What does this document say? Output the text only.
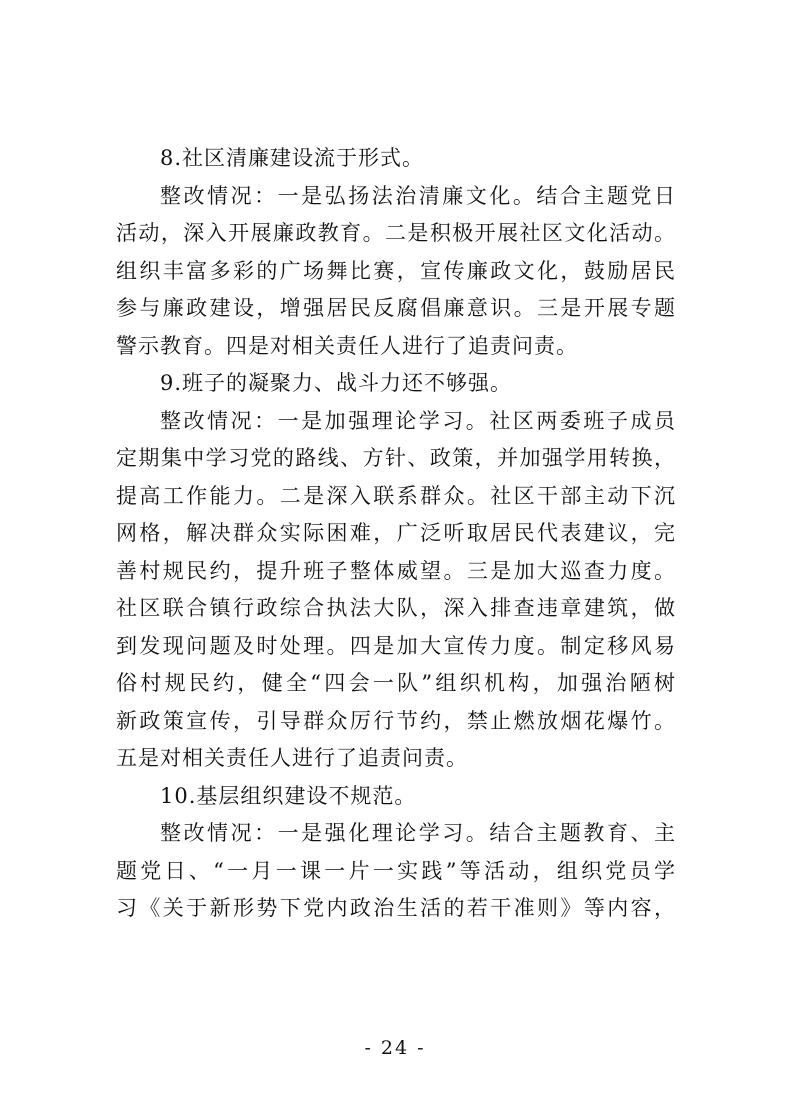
8.社区清廉建设流于形式。
整改情况：一是弘扬法治清廉文化。结合主题党日
活动，深入开展廉政教育。二是积极开展社区文化活动。
组织丰富多彩的广场舞比赛，宣传廉政文化，鼓励居民
参与廉政建设，增强居民反腐倡廉意识。三是开展专题
警示教育。四是对相关责任人进行了追责问责。
9.班子的凝聚力、战斗力还不够强。
整改情况：一是加强理论学习。社区两委班子成员
定期集中学习党的路线、方针、政策，并加强学用转换，
提高工作能力。二是深入联系群众。社区干部主动下沉
网格，解决群众实际困难，广泛听取居民代表建议，完
善村规民约，提升班子整体威望。三是加大巡查力度。
社区联合镇行政综合执法大队，深入排查违章建筑，做
到发现问题及时处理。四是加大宣传力度。制定移风易
俗村规民约，健全“四会一队”组织机构，加强治陋树
新政策宣传，引导群众厉行节约，禁止燃放烟花爆竹。
五是对相关责任人进行了追责问责。
10.基层组织建设不规范。
整改情况：一是强化理论学习。结合主题教育、主
题党日、“一月一课一片一实践”等活动，组织党员学
习《关于新形势下党内政治生活的若干准则》等内容，
- 24 -
